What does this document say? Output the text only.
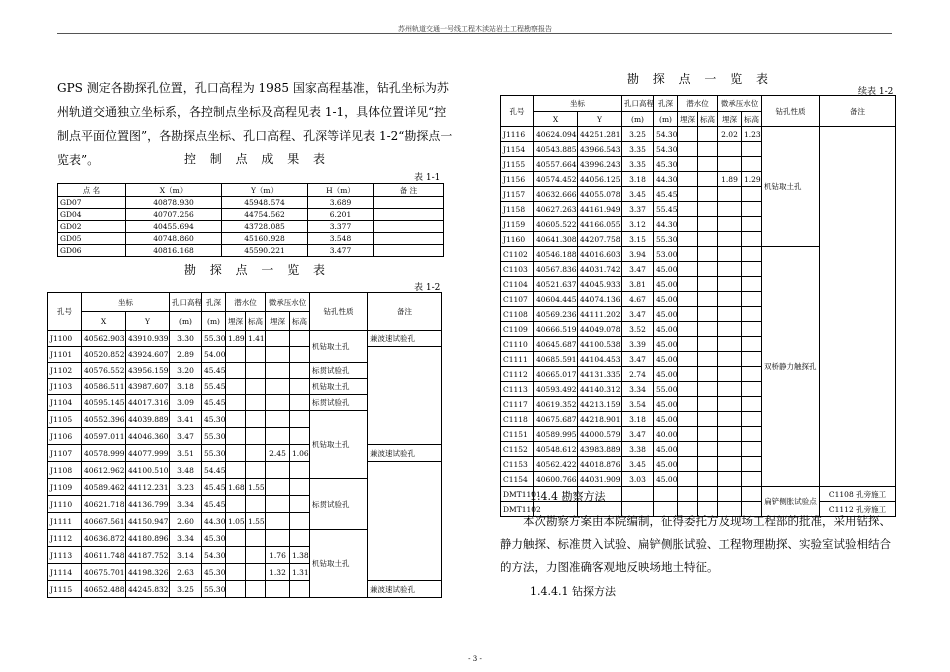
苏州轨道交通一号线工程木渎站岩土工程勘察报告
GPS 测定各勘探孔位置，孔口高程为 1985 国家高程基准，钻孔坐标为苏州轨道交通独立坐标系，各控制点坐标及高程见表 1-1，具体位置详见“控制点平面位置图”，各勘探点坐标、孔口高程、孔深等详见表 1-2“勘探点一览表”。	控 制 点 成 果 表
表 1-1
点 名	X（m）	Y（m）	H（m）	备 注
GD07	40878.930	45948.574	3.689	
GD04	40707.256	44754.562	6.201	
GD02	40455.694	43728.085	3.377	
GD05	40748.860	45160.928	3.548	
GD06	40816.168	45590.221	3.477	
勘 探 点 一 览 表
表 1-2
孔号	坐标		孔口高程	孔深	潜水位		微承压水位		钻孔性质	备注
	X	Y	(m)	(m)	埋深	标高	埋深	标高		
J1100	40562.903	43910.939	3.30	55.30	1.89	1.41			机钻取土孔	兼波速试验孔
J1101	40520.852	43924.607	2.89	54.00						
J1102	40576.552	43956.159	3.20	45.45					标贯试验孔	
J1103	40586.511	43987.607	3.18	55.45					机钻取土孔	
J1104	40595.145	44017.316	3.09	45.45					标贯试验孔	
J1105	40552.396	44039.889	3.41	45.30					机钻取土孔	
J1106	40597.011	44046.360	3.47	55.30						
J1107	40578.999	44077.999	3.51	55.30			2.45	1.06		兼波速试验孔
J1108	40612.962	44100.510	3.48	54.45						
J1109	40589.462	44112.231	3.23	45.45	1.68	1.55			标贯试验孔	
J1110	40621.718	44136.799	3.34	45.45						
J1111	40667.561	44150.947	2.60	44.30	1.05	1.55				
J1112	40636.872	44180.896	3.34	45.30					机钻取土孔	
J1113	40611.748	44187.752	3.14	54.30			1.76	1.38		
J1114	40675.701	44198.326	2.63	45.30			1.32	1.31		
J1115	40652.488	44245.832	3.25	55.30						兼波速试验孔
勘 探 点 一 览 表
续表 1-2
孔号	坐标		孔口高程	孔深	潜水位		微承压水位		钻孔性质	备注
	X	Y	(m)	(m)	埋深	标高	埋深	标高		
J1116	40624.094	44251.281	3.25	54.30			2.02	1.23	机钻取土孔	
J1154	40543.885	43966.543	3.35	54.30						
J1155	40557.664	43996.243	3.35	45.30						
J1156	40574.452	44056.125	3.18	44.30			1.89	1.29		
J1157	40632.666	44055.078	3.45	45.45						
J1158	40627.263	44161.949	3.37	55.45						
J1159	40605.522	44166.055	3.12	44.30						
J1160	40641.308	44207.758	3.15	55.30						
C1102	40546.188	44016.603	3.94	53.00					双桥静力触探孔	
C1103	40567.836	44031.742	3.47	45.00						
C1104	40521.637	44045.933	3.81	45.00						
C1107	40604.445	44074.136	4.67	45.00						
C1108	40569.236	44111.202	3.47	45.00						
C1109	40666.519	44049.078	3.52	45.00						
C1110	40645.687	44100.538	3.39	45.00						
C1111	40685.591	44104.453	3.47	45.00						
C1112	40665.017	44131.335	2.74	45.00						
C1113	40593.492	44140.312	3.34	55.00						
C1117	40619.352	44213.159	3.54	45.00						
C1118	40675.687	44218.901	3.18	45.00						
C1151	40589.995	44000.579	3.47	40.00						
C1152	40548.612	43983.889	3.38	45.00						
C1153	40562.422	44018.876	3.45	45.00						
C1154	40600.766	44031.909	3.03	45.00						
DMT1101									扁铲侧胀试验点	C1108 孔旁施工
DMT1102										C1112 孔旁施工
1.4.4 勘察方法
本次勘察方案由本院编制，征得委托方及现场工程部的批准，采用钻探、静力触探、标准贯入试验、扁铲侧胀试验、工程物理勘探、实验室试验相结合的方法，力图准确客观地反映场地土特征。
1.4.4.1 钻探方法
- 3 -
